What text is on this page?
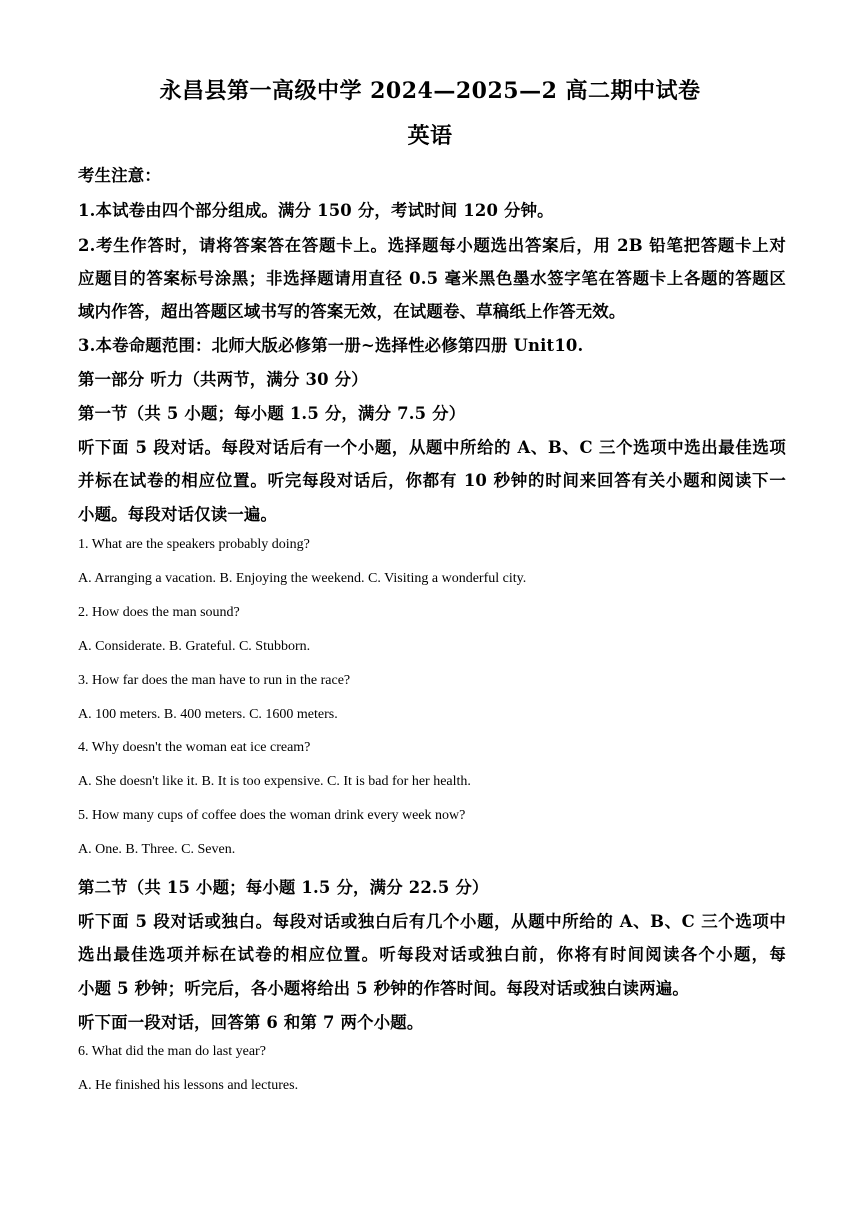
永昌县第一高级中学 2024—2025—2 高二期中试卷
英语
考生注意：
1.本试卷由四个部分组成。满分 150 分，考试时间 120 分钟。
2.考生作答时，请将答案答在答题卡上。选择题每小题选出答案后，用 2B 铅笔把答题卡上对
应题目的答案标号涂黑；非选择题请用直径 0.5 毫米黑色墨水签字笔在答题卡上各题的答题区
域内作答，超出答题区域书写的答案无效，在试题卷、草稿纸上作答无效。
3.本卷命题范围：北师大版必修第一册~选择性必修第四册 Unit10.
第一部分 听力（共两节，满分 30 分）
第一节（共 5 小题；每小题 1.5 分，满分 7.5 分）
听下面 5 段对话。每段对话后有一个小题，从题中所给的 A、B、C 三个选项中选出最佳选项
并标在试卷的相应位置。听完每段对话后，你都有 10 秒钟的时间来回答有关小题和阅读下一
小题。每段对话仅读一遍。
1. What are the speakers probably doing?
A. Arranging a vacation. B. Enjoying the weekend. C. Visiting a wonderful city.
2. How does the man sound?
A. Considerate. B. Grateful. C. Stubborn.
3. How far does the man have to run in the race?
A. 100 meters. B. 400 meters. C. 1600 meters.
4. Why doesn't the woman eat ice cream?
A. She doesn't like it. B. It is too expensive. C. It is bad for her health.
5. How many cups of coffee does the woman drink every week now?
A. One. B. Three. C. Seven.
第二节（共 15 小题；每小题 1.5 分，满分 22.5 分）
听下面 5 段对话或独白。每段对话或独白后有几个小题，从题中所给的 A、B、C 三个选项中
选出最佳选项并标在试卷的相应位置。听每段对话或独白前，你将有时间阅读各个小题，每
小题 5 秒钟；听完后，各小题将给出 5 秒钟的作答时间。每段对话或独白读两遍。
听下面一段对话，回答第 6 和第 7 两个小题。
6. What did the man do last year?
A. He finished his lessons and lectures.
